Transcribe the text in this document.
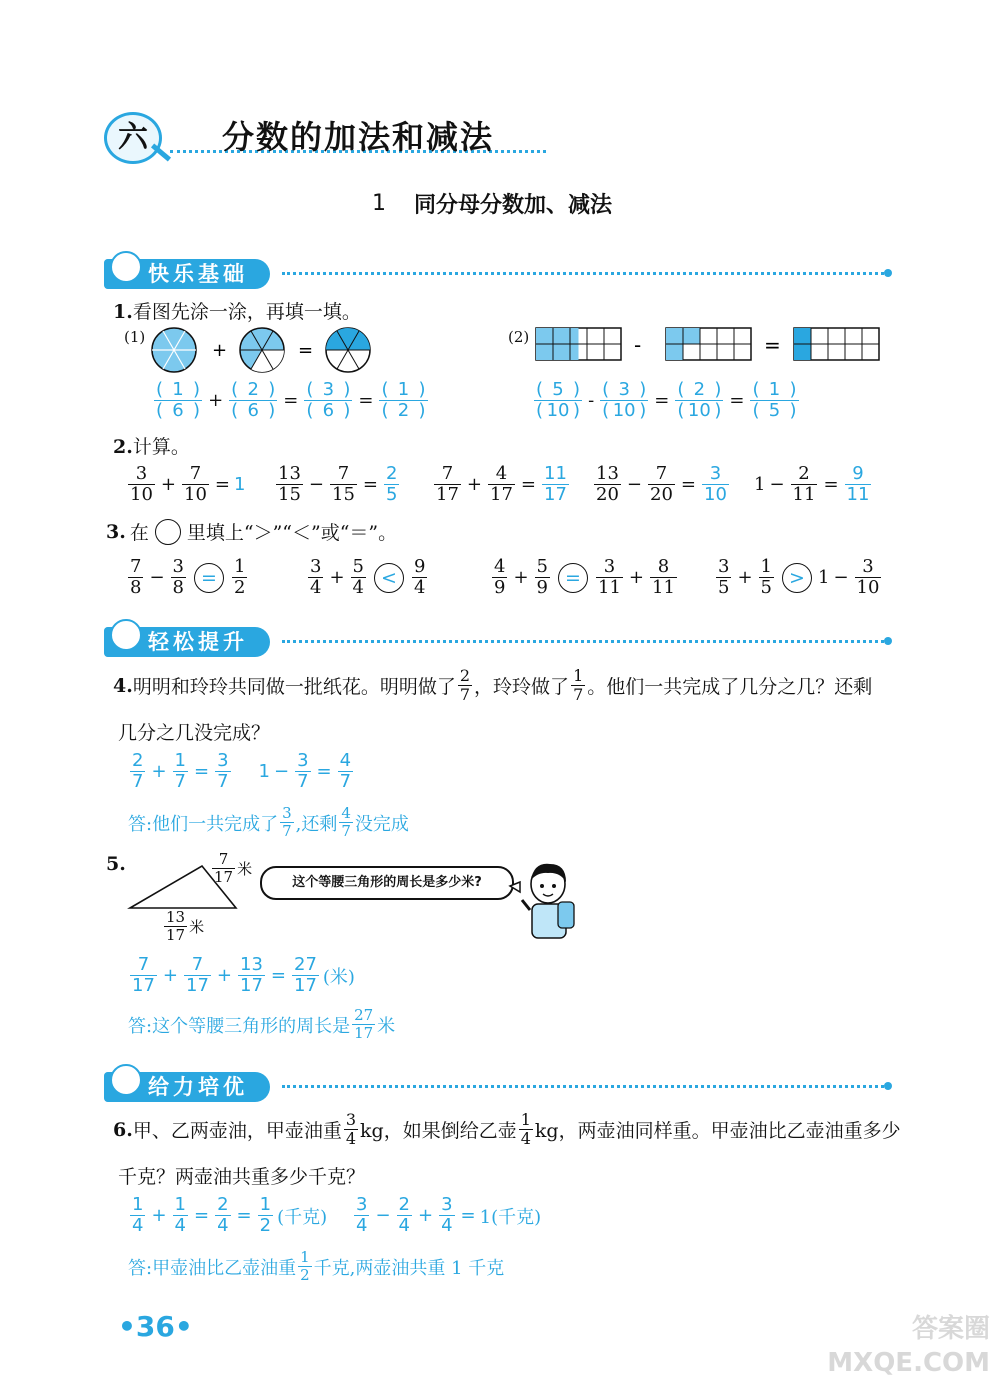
六	分数的加法和减法
1 同分母分数加、减法
快乐基础
1.看图先涂一涂，再填一填。
(1)
+	=
(2)	-	=
$\frac{( 1 )}{( 6 )} + \frac{( 2 )}{( 6 )} = \frac{( 3 )}{( 6 )} = \frac{( 1 )}{( 2 )}$	$\frac{( 5 )}{( 10 )} - \frac{( 3 )}{( 10 )} = \frac{( 2 )}{( 10 )} = \frac{( 1 )}{( 5 )}$
2.计算。
$\frac{3}{10} + \frac{7}{10} = 1 \frac{13}{15} - \frac{7}{15} = \frac{2}{5} \frac{7}{17} + \frac{4}{17} = \frac{11}{17} \frac{13}{20} - \frac{7}{20} = \frac{3}{10} 1 - \frac{2}{11} = \frac{9}{11}$
3. 在 里填上“＞”“＜”或“＝”。
$\frac{7}{8} - \frac{3}{8} = \frac{1}{2}$	$\frac{3}{4} + \frac{5}{4} < \frac{9}{4}$	$\frac{4}{9} + \frac{5}{9} = \frac{3}{11} + \frac{8}{11} \frac{3}{5} + \frac{1}{5} > 1 - \frac{3}{10}$
轻松提升
4. 明明和玲玲共同做一批纸花。明明做了 $\frac{2}{7}$ ，玲玲做了 $\frac{1}{7}$ 。他们一共完成了几分之几？还剩
几分之几没完成？
$\frac{2}{7} + \frac{1}{7} = \frac{3}{7} 1 - \frac{3}{7} = \frac{4}{7}$
答:他们一共完成了 $\frac{3}{7}$ ,还剩 $\frac{4}{7}$ 没完成
5.	$\frac{7}{17}$ 米
$\frac{13}{17}$ 米
这个等腰三角形的周长是多少米?
$\frac{7}{17} + \frac{7}{17} + \frac{13}{17} = \frac{27}{17}$ (米)
答:这个等腰三角形的周长是 $\frac{27}{17}$ 米
给力培优
6. 甲、乙两壶油，甲壶油重 $\frac{3}{4}$ kg，如果倒给乙壶 $\frac{1}{4}$ kg，两壶油同样重。甲壶油比乙壶油重多少
千克？两壶油共重多少千克？
$\frac{1}{4} + \frac{1}{4} = \frac{2}{4} = \frac{1}{2}$ (千克) $\frac{3}{4} - \frac{2}{4} + \frac{3}{4} = 1$(千克)
答:甲壶油比乙壶油重 $\frac{1}{2}$ 千克,两壶油共重 1 千克
•36•	答案圈 MXQE.COM
